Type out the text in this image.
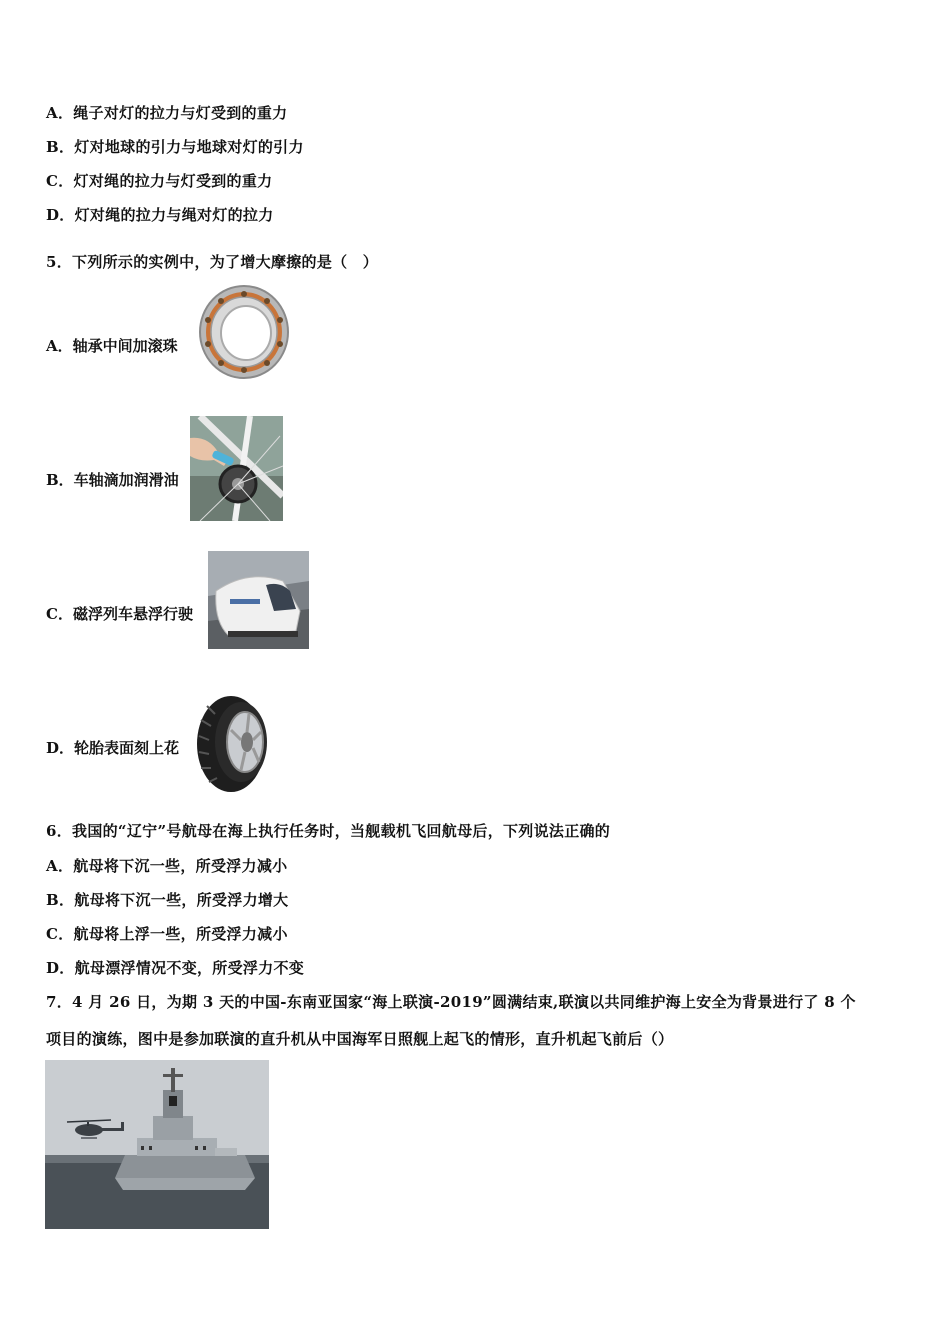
A．绳子对灯的拉力与灯受到的重力
B．灯对地球的引力与地球对灯的引力
C．灯对绳的拉力与灯受到的重力
D．灯对绳的拉力与绳对灯的拉力
5．下列所示的实例中，为了增大摩擦的是（　）
A．轴承中间加滚珠
B．车轴滴加润滑油
C．磁浮列车悬浮行驶
D．轮胎表面刻上花
6．我国的“辽宁”号航母在海上执行任务时，当舰载机飞回航母后，下列说法正确的
A．航母将下沉一些，所受浮力减小
B．航母将下沉一些，所受浮力增大
C．航母将上浮一些，所受浮力减小
D．航母漂浮情况不变，所受浮力不变
7．4 月 26 日，为期 3 天的中国-东南亚国家“海上联演-2019”圆满结束,联演以共同维护海上安全为背景进行了 8 个
项目的演练，图中是参加联演的直升机从中国海军日照舰上起飞的情形，直升机起飞前后（）
